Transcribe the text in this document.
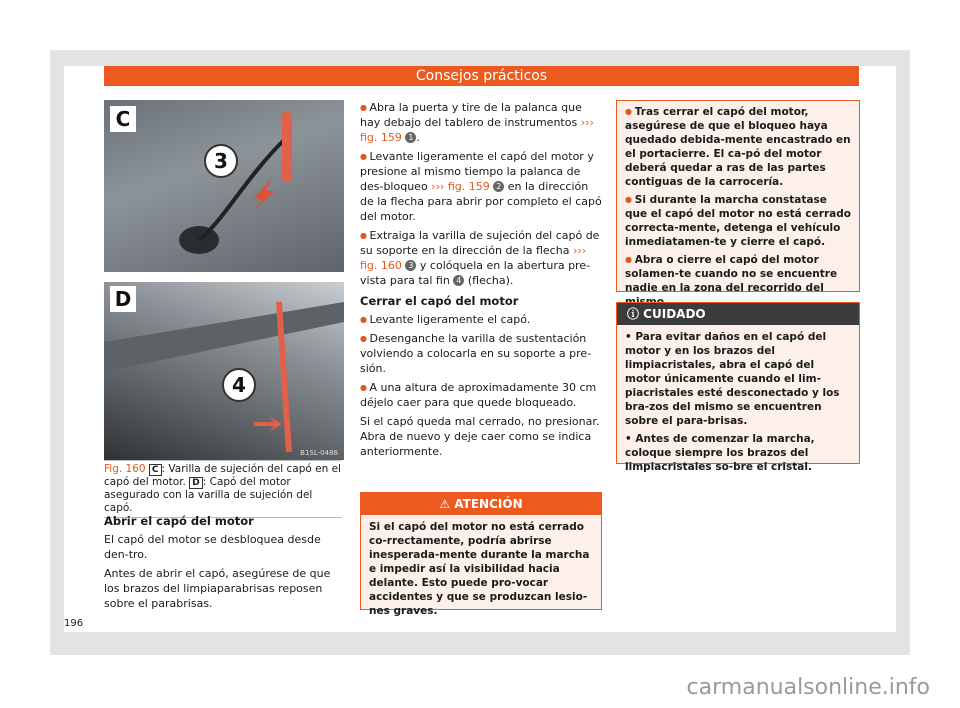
Consejos prácticos
C
3
D
4
B1SL-0486
Fig. 160 C : Varilla de sujeción del capó en el capó del motor. D : Capó del motor asegurado con la varilla de sujeción del capó.
Abrir el capó del motor

El capó del motor se desbloquea desde den-tro.

Antes de abrir el capó, asegúrese de que los brazos del limpiaparabrisas reposen sobre el parabrisas.

● Abra la puerta y tire de la palanca que hay debajo del tablero de instrumentos ››› fig. 159 1 .

● Levante ligeramente el capó del motor y presione al mismo tiempo la palanca de des-bloqueo ››› fig. 159 2 en la dirección de la flecha para abrir por completo el capó del motor.

● Extraiga la varilla de sujeción del capó de su soporte en la dirección de la flecha ››› fig. 160 3 y colóquela en la abertura pre-vista para tal fin 4 (flecha).

Cerrar el capó del motor

● Levante ligeramente el capó.

● Desenganche la varilla de sustentación volviendo a colocarla en su soporte a pre-sión.

● A una altura de aproximadamente 30 cm déjelo caer para que quede bloqueado.

Si el capó queda mal cerrado, no presionar. Abra de nuevo y deje caer como se indica anteriormente.

⚠ ATENCIÓN
Si el capó del motor no está cerrado co-rrectamente, podría abrirse inesperada-mente durante la marcha e impedir así la visibilidad hacia delante. Esto puede pro-vocar accidentes y que se produzcan lesio-nes graves.

● Tras cerrar el capó del motor, asegúrese de que el bloqueo haya quedado debida-mente encastrado en el portacierre. El ca-pó del motor deberá quedar a ras de las partes contiguas de la carrocería.

● Si durante la marcha constatase que el capó del motor no está cerrado correcta-mente, detenga el vehículo inmediatamen-te y cierre el capó.

● Abra o cierre el capó del motor solamen-te cuando no se encuentre nadie en la zona del recorrido del

ⓘ CUIDADO

• Para evitar daños en el capó del motor y en los brazos del limpiacristales, abra el capó del motor únicamente cuando el lim-piacristales esté desconectado y los bra-zos del mismo se encuentren sobre el para-brisas.

• Antes de comenzar la marcha, coloque siempre los brazos del limpiacristales so-bre el cristal.

196
carmanualsonline.info
